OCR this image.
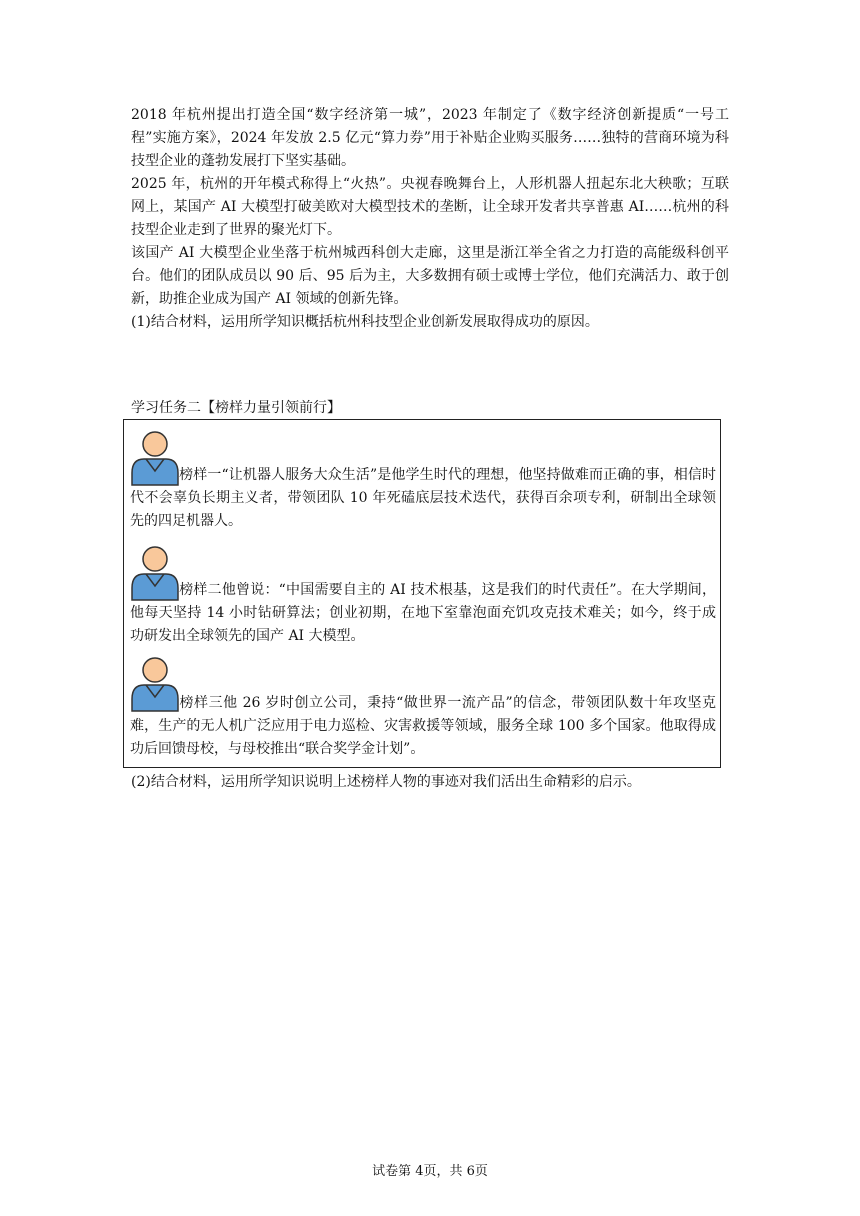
2018 年杭州提出打造全国“数字经济第一城”，2023 年制定了《数字经济创新提质“一号工程”实施方案》，2024 年发放 2.5 亿元“算力券”用于补贴企业购买服务……独特的营商环境为科技型企业的蓬勃发展打下坚实基础。

2025 年，杭州的开年模式称得上“火热”。央视春晚舞台上，人形机器人扭起东北大秧歌；互联网上，某国产 AI 大模型打破美欧对大模型技术的垄断，让全球开发者共享普惠 AI……杭州的科技型企业走到了世界的聚光灯下。

该国产 AI 大模型企业坐落于杭州城西科创大走廊，这里是浙江举全省之力打造的高能级科创平台。他们的团队成员以 90 后、95 后为主，大多数拥有硕士或博士学位，他们充满活力、敢于创新，助推企业成为国产 AI 领域的创新先锋。

(1)结合材料，运用所学知识概括杭州科技型企业创新发展取得成功的原因。

学习任务二【榜样力量引领前行】
榜样一“让机器人服务大众生活”是他学生时代的理想，他坚持做难而正确的事，相信时代不会辜负长期主义者，带领团队 10 年死磕底层技术迭代，获得百余项专利，研制出全球领先的四足机器人。
榜样二他曾说：“中国需要自主的 AI 技术根基，这是我们的时代责任”。在大学期间，他每天坚持 14 小时钻研算法；创业初期，在地下室靠泡面充饥攻克技术难关；如今，终于成功研发出全球领先的国产 AI 大模型。
榜样三他 26 岁时创立公司，秉持“做世界一流产品”的信念，带领团队数十年攻坚克难，生产的无人机广泛应用于电力巡检、灾害救援等领域，服务全球 100 多个国家。他取得成功后回馈母校，与母校推出“联合奖学金计划”。
(2)结合材料，运用所学知识说明上述榜样人物的事迹对我们活出生命精彩的启示。
试卷第 4页，共 6页
